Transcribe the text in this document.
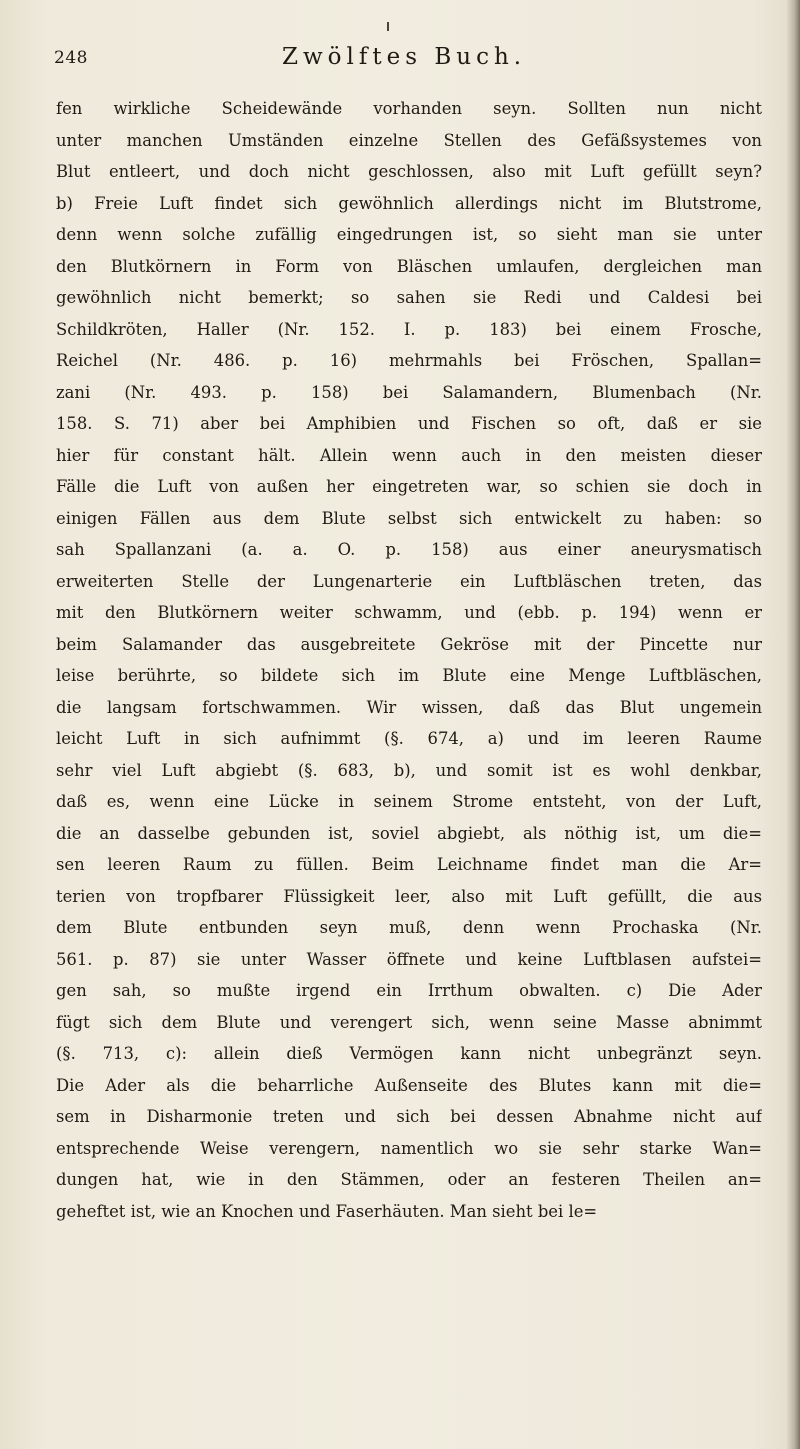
248	Zwölftes Buch.
fen wirkliche Scheidewände vorhanden seyn. Sollten nun nicht
unter manchen Umständen einzelne Stellen des Gefäßsystemes von
Blut entleert, und doch nicht geschlossen, also mit Luft gefüllt seyn?
b) Freie Luft findet sich gewöhnlich allerdings nicht im Blutstrome,
denn wenn solche zufällig eingedrungen ist, so sieht man sie unter
den Blutkörnern in Form von Bläschen umlaufen, dergleichen man
gewöhnlich nicht bemerkt; so sahen sie Redi und Caldesi bei
Schildkröten, Haller (Nr. 152. I. p. 183) bei einem Frosche,
Reichel (Nr. 486. p. 16) mehrmahls bei Fröschen, Spallan=
zani (Nr. 493. p. 158) bei Salamandern, Blumenbach (Nr.
158. S. 71) aber bei Amphibien und Fischen so oft, daß er sie
hier für constant hält. Allein wenn auch in den meisten dieser
Fälle die Luft von außen her eingetreten war, so schien sie doch in
einigen Fällen aus dem Blute selbst sich entwickelt zu haben: so
sah Spallanzani (a. a. O. p. 158) aus einer aneurysmatisch
erweiterten Stelle der Lungenarterie ein Luftbläschen treten, das
mit den Blutkörnern weiter schwamm, und (ebb. p. 194) wenn er
beim Salamander das ausgebreitete Gekröse mit der Pincette nur
leise berührte, so bildete sich im Blute eine Menge Luftbläschen,
die langsam fortschwammen. Wir wissen, daß das Blut ungemein
leicht Luft in sich aufnimmt (§. 674, a) und im leeren Raume
sehr viel Luft abgiebt (§. 683, b), und somit ist es wohl denkbar,
daß es, wenn eine Lücke in seinem Strome entsteht, von der Luft,
die an dasselbe gebunden ist, soviel abgiebt, als nöthig ist, um die=
sen leeren Raum zu füllen. Beim Leichname findet man die Ar=
terien von tropfbarer Flüssigkeit leer, also mit Luft gefüllt, die aus
dem Blute entbunden seyn muß, denn wenn Prochaska (Nr.
561. p. 87) sie unter Wasser öffnete und keine Luftblasen aufstei=
gen sah, so mußte irgend ein Irrthum obwalten. c) Die Ader
fügt sich dem Blute und verengert sich, wenn seine Masse abnimmt
(§. 713, c): allein dieß Vermögen kann nicht unbegränzt seyn.
Die Ader als die beharrliche Außenseite des Blutes kann mit die=
sem in Disharmonie treten und sich bei dessen Abnahme nicht auf
entsprechende Weise verengern, namentlich wo sie sehr starke Wan=
dungen hat, wie in den Stämmen, oder an festeren Theilen an=
geheftet ist, wie an Knochen und Faserhäuten. Man sieht bei le=
